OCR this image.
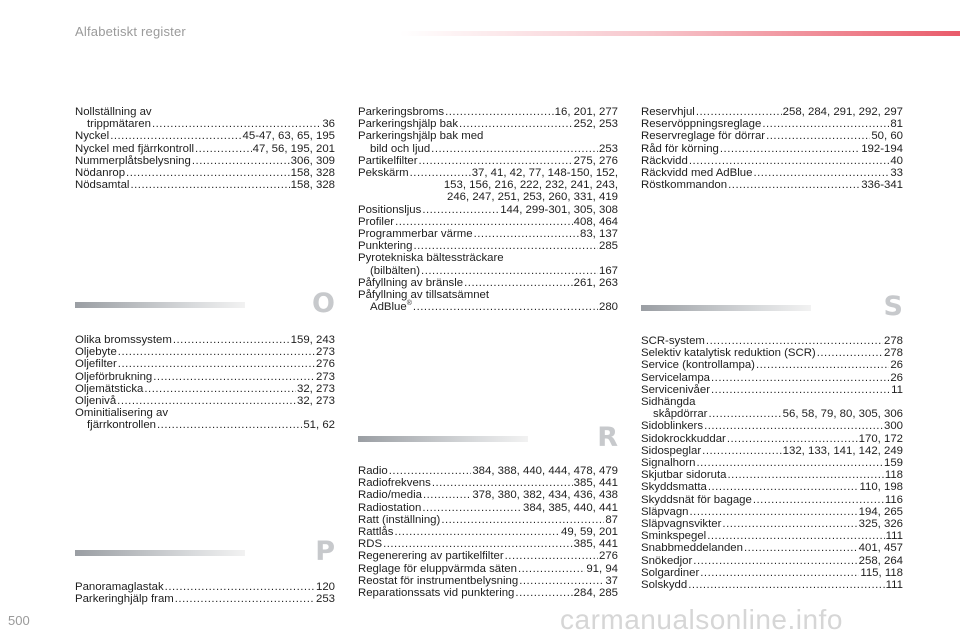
Alfabetiskt register
Nollställning av
trippmätaren .....	36
Nyckel .....	45-47, 63, 65, 195
Nyckel med fjärrkontroll .....	47, 56, 195, 201
Nummerplåtsbelysning .....	306, 309
Nödanrop .....	158, 328
Nödsamtal .....	158, 328
O
Olika bromssystem .....	159, 243
Oljebyte .....	273
Oljefilter .....	276
Oljeförbrukning .....	273
Oljemätsticka .....	32, 273
Oljenivå .....	32, 273
Ominitialisering av
fjärrkontrollen .....	51, 62
P
Panoramaglastak .....	120
Parkeringhjälp fram .....	253
Parkeringsbroms .....	16, 201, 277
Parkeringshjälp bak .....	252, 253
Parkeringshjälp bak med
bild och ljud .....	253
Partikelfilter .....	275, 276
Pekskärm .....	37, 41, 42, 77, 148-150, 152,
153, 156, 216, 222, 232, 241, 243,
246, 247, 251, 253, 260, 331, 419
Positionsljus .....	144, 299-301, 305, 308
Profiler .....	408, 464
Programmerbar värme .....	83, 137
Punktering .....	285
Pyrotekniska bältessträckare
(bilbälten) .....	167
Påfyllning av bränsle .....	261, 263
Påfyllning av tillsatsämnet
AdBlue® .....	280
R
Radio .....	384, 388, 440, 444, 478, 479
Radiofrekvens .....	385, 441
Radio/media .....	378, 380, 382, 434, 436, 438
Radiostation .....	384, 385, 440, 441
Ratt (inställning) .....	87
Rattlås .....	49, 59, 201
RDS .....	385, 441
Regenerering av partikelfilter .....	276
Reglage för eluppvärmda säten .....	91, 94
Reostat för instrumentbelysning .....	37
Reparationssats vid punktering .....	284, 285
Reservhjul .....	258, 284, 291, 292, 297
Reservöppningsreglage .....	81
Reservreglage för dörrar .....	50, 60
Råd för körning .....	192-194
Räckvidd .....	40
Räckvidd med AdBlue .....	33
Röstkommandon .....	336-341
S
SCR-system .....	278
Selektiv katalytisk reduktion (SCR) .....	278
Service (kontrollampa) .....	26
Servicelampa .....	26
Servicenivåer .....	11
Sidhängda
skåpdörrar .....	56, 58, 79, 80, 305, 306
Sidoblinkers .....	300
Sidokrockkuddar .....	170, 172
Sidospeglar .....	132, 133, 141, 142, 249
Signalhorn .....	159
Skjutbar sidoruta .....	118
Skyddsmatta .....	110, 198
Skyddsnät för bagage .....	116
Släpvagn .....	194, 265
Släpvagnsvikter .....	325, 326
Sminkspegel .....	111
Snabbmeddelanden .....	401, 457
Snökedjor .....	258, 264
Solgardiner .....	115, 118
Solskydd .....	111
500	carmanualsonline.info
